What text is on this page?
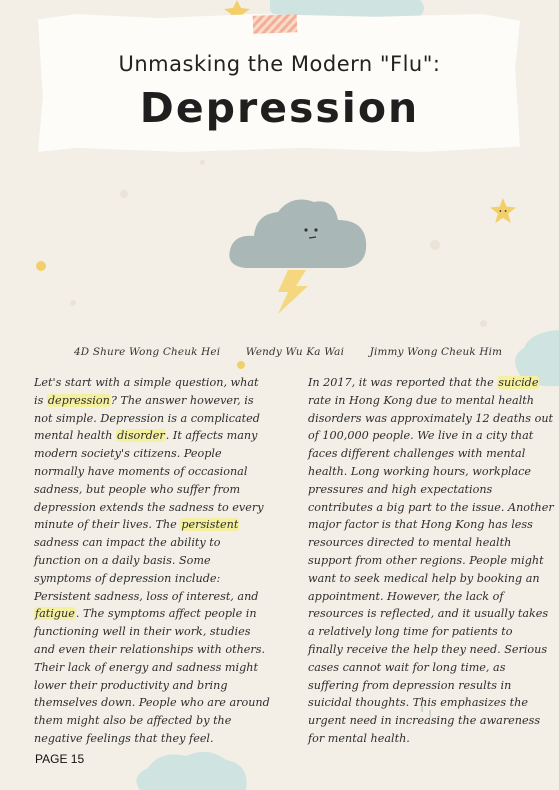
Unmasking the Modern "Flu":
Depression
4D Shure Wong Cheuk Hei Wendy Wu Ka Wai Jimmy Wong Cheuk Him
Let's start with a simple question, what
is depression? The answer however, is
not simple. Depression is a complicated
mental health disorder. It affects many
modern society's citizens. People
normally have moments of occasional
sadness, but people who suffer from
depression extends the sadness to every
minute of their lives. The persistent
sadness can impact the ability to
function on a daily basis. Some
symptoms of depression include:
Persistent sadness, loss of interest, and
fatigue. The symptoms affect people in
functioning well in their work, studies
and even their relationships with others.
Their lack of energy and sadness might
lower their productivity and bring
themselves down. People who are around
them might also be affected by the
negative feelings that they feel.
In 2017, it was reported that the suicide
rate in Hong Kong due to mental health
disorders was approximately 12 deaths out
of 100,000 people. We live in a city that
faces different challenges with mental
health. Long working hours, workplace
pressures and high expectations
contributes a big part to the issue. Another
major factor is that Hong Kong has less
resources directed to mental health
support from other regions. People might
want to seek medical help by booking an
appointment. However, the lack of
resources is reflected, and it usually takes
a relatively long time for patients to
finally receive the help they need. Serious
cases cannot wait for long time, as
suffering from depression results in
suicidal thoughts. This emphasizes the
urgent need in increasing the awareness
for mental health.
PAGE 15
